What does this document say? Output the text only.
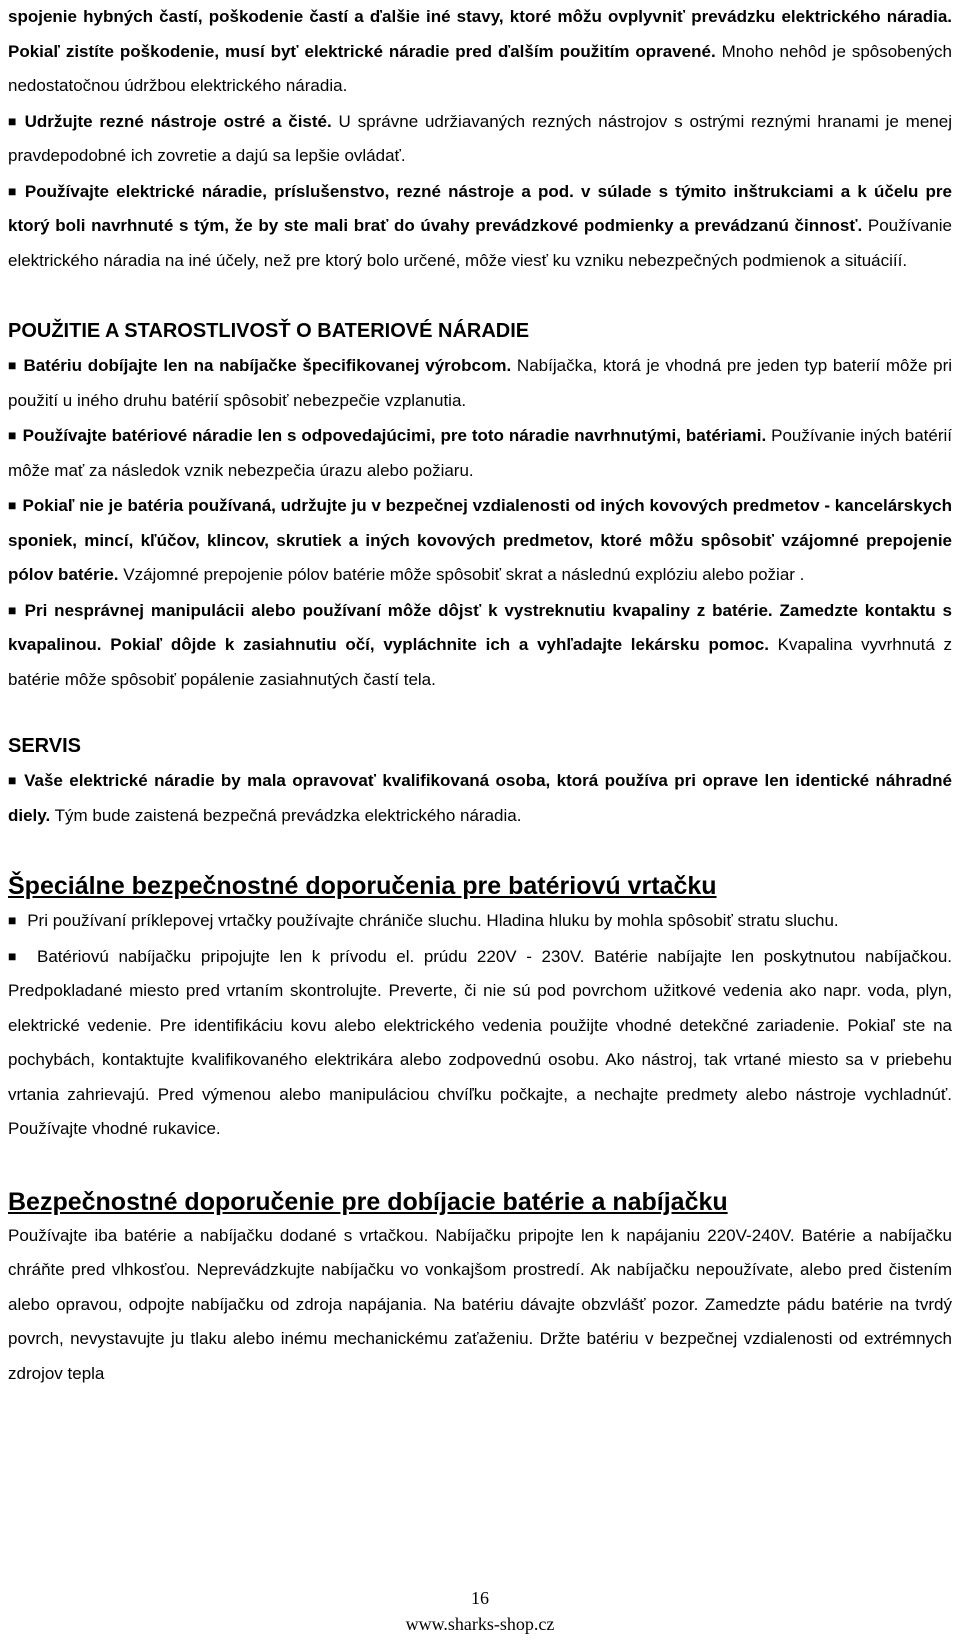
spojenie hybných častí, poškodenie častí a ďalšie iné stavy, ktoré môžu ovplyvniť prevádzku elektrického náradia. Pokiaľ zistíte poškodenie, musí byť elektrické náradie pred ďalším použitím opravené. Mnoho nehôd je spôsobených nedostatočnou údržbou elektrického náradia.

■ Udržujte rezné nástroje ostré a čisté. U správne udržiavaných rezných nástrojov s ostrými reznými hranami je menej pravdepodobné ich zovretie a dajú sa lepšie ovládať.

■ Používajte elektrické náradie, príslušenstvo, rezné nástroje a pod. v súlade s týmito inštrukciami a k účelu pre ktorý boli navrhnuté s tým, že by ste mali brať do úvahy prevádzkové podmienky a prevádzanú činnosť. Používanie elektrického náradia na iné účely, než pre ktorý bolo určené, môže viesť ku vzniku nebezpečných podmienok a situáciíí.

POUŽITIE A STAROSTLIVOSŤ O BATERIOVÉ NÁRADIE

■ Batériu dobíjajte len na nabíjačke špecifikovanej výrobcom. Nabíjačka, ktorá je vhodná pre jeden typ baterií môže pri použití u iného druhu batérií spôsobiť nebezpečie vzplanutia.

■ Používajte batériové náradie len s odpovedajúcimi, pre toto náradie navrhnutými, batériami. Používanie iných batérií môže mať za následok vznik nebezpečia úrazu alebo požiaru.

■ Pokiaľ nie je batéria používaná, udržujte ju v bezpečnej vzdialenosti od iných kovových predmetov - kancelárskych sponiek, mincí, kľúčov, klincov, skrutiek a iných kovových predmetov, ktoré môžu spôsobiť vzájomné prepojenie pólov batérie. Vzájomné prepojenie pólov batérie môže spôsobiť skrat a následnú explóziu alebo požiar .

■ Pri nesprávnej manipulácii alebo používaní môže dôjsť k vystreknutiu kvapaliny z batérie. Zamedzte kontaktu s kvapalinou. Pokiaľ dôjde k zasiahnutiu očí, vypláchnite ich a vyhľadajte lekársku pomoc. Kvapalina vyvrhnutá z batérie môže spôsobiť popálenie zasiahnutých častí tela.

SERVIS

■ Vaše elektrické náradie by mala opravovať kvalifikovaná osoba, ktorá používa pri oprave len identické náhradné diely. Tým bude zaistená bezpečná prevádzka elektrického náradia.

Špeciálne bezpečnostné doporučenia pre batériovú vrtačku

■ Pri používaní príklepovej vrtačky používajte chrániče sluchu. Hladina hluku by mohla spôsobiť stratu sluchu.

■ Batériovú nabíjačku pripojujte len k prívodu el. prúdu 220V - 230V. Batérie nabíjajte len poskytnutou nabíjačkou. Predpokladané miesto pred vrtaním skontrolujte. Preverte, či nie sú pod povrchom užitkové vedenia ako napr. voda, plyn, elektrické vedenie. Pre identifikáciu kovu alebo elektrického vedenia použijte vhodné detekčné zariadenie. Pokiaľ ste na pochybách, kontaktujte kvalifikovaného elektrikára alebo zodpovednú osobu. Ako nástroj, tak vrtané miesto sa v priebehu vrtania zahrievajú. Pred výmenou alebo manipuláciou chvíľku počkajte, a nechajte predmety alebo nástroje vychladnúť. Používajte vhodné rukavice.

Bezpečnostné doporučenie pre dobíjacie batérie a nabíjačku

Používajte iba batérie a nabíjačku dodané s vrtačkou. Nabíjačku pripojte len k napájaniu 220V-240V. Batérie a nabíjačku chráňte pred vlhkosťou. Neprevádzkujte nabíjačku vo vonkajšom prostredí. Ak nabíjačku nepoužívate, alebo pred čistením alebo opravou, odpojte nabíjačku od zdroja napájania. Na batériu dávajte obzvlášť pozor. Zamedzte pádu batérie na tvrdý povrch, nevystavujte ju tlaku alebo inému mechanickému zaťaženiu. Držte batériu v bezpečnej vzdialenosti od extrémnych zdrojov tepla

16
www.sharks-shop.cz
